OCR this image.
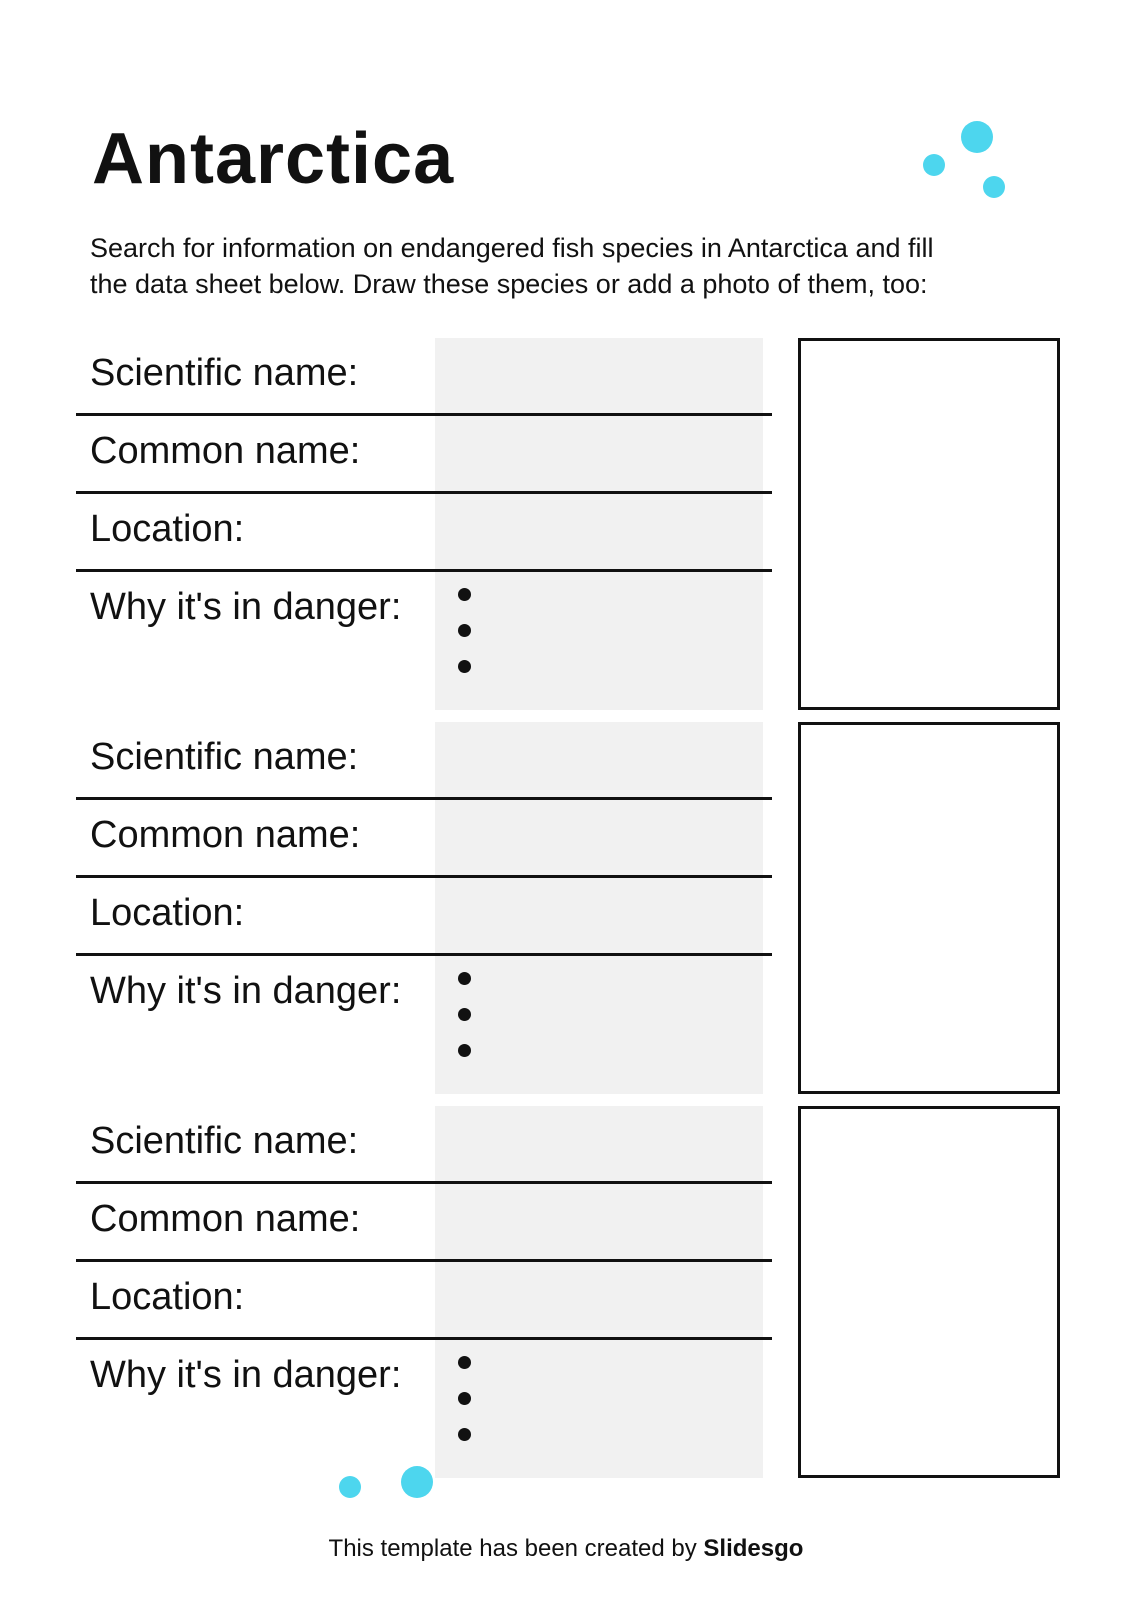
Antarctica

Search for information on endangered fish species in Antarctica and fill
the data sheet below. Draw these species or add a photo of them, too:

Scientific name:
Common name:
Location:
Why it's in danger:
Scientific name:
Common name:
Location:
Why it's in danger:
Scientific name:
Common name:
Location:
Why it's in danger:

This template has been created by Slidesgo
